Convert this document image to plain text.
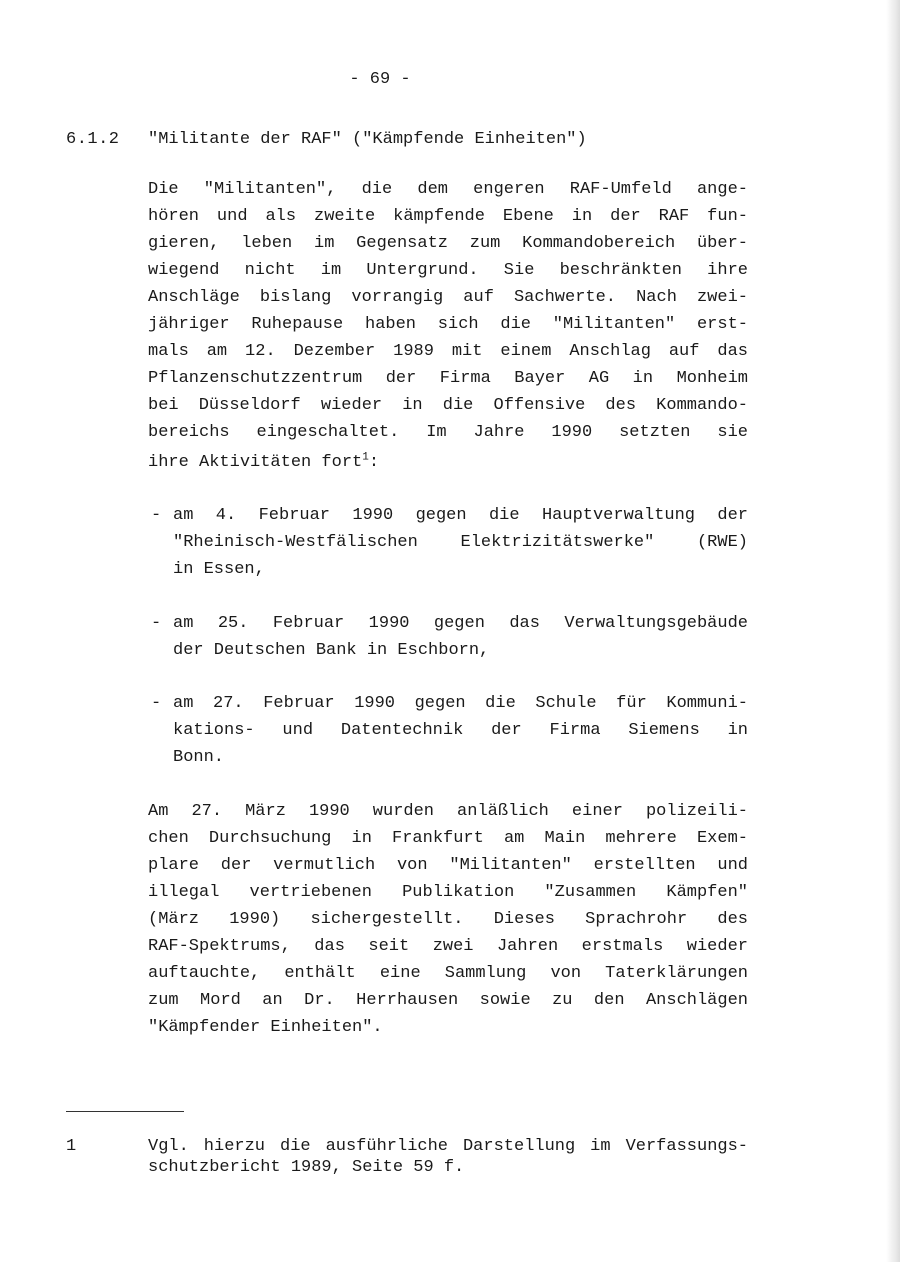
- 69 -
6.1.2 "Militante der RAF" ("Kämpfende Einheiten")
Die "Militanten", die dem engeren RAF-Umfeld ange-
hören und als zweite kämpfende Ebene in der RAF fun-
gieren, leben im Gegensatz zum Kommandobereich über-
wiegend nicht im Untergrund. Sie beschränkten ihre
Anschläge bislang vorrangig auf Sachwerte. Nach zwei-
jähriger Ruhepause haben sich die "Militanten" erst-
mals am 12. Dezember 1989 mit einem Anschlag auf das
Pflanzenschutzzentrum der Firma Bayer AG in Monheim
bei Düsseldorf wieder in die Offensive des Kommando-
bereichs eingeschaltet. Im Jahre 1990 setzten sie
ihre Aktivitäten fort$^1$:
- am 4. Februar 1990 gegen die Hauptverwaltung der
"Rheinisch-Westfälischen Elektrizitätswerke" (RWE)
in Essen,
- am 25. Februar 1990 gegen das Verwaltungsgebäude
der Deutschen Bank in Eschborn,
- am 27. Februar 1990 gegen die Schule für Kommuni-
kations- und Datentechnik der Firma Siemens in
Bonn.
Am 27. März 1990 wurden anläßlich einer polizeili-
chen Durchsuchung in Frankfurt am Main mehrere Exem-
plare der vermutlich von "Militanten" erstellten und
illegal vertriebenen Publikation "Zusammen Kämpfen"
(März 1990) sichergestellt. Dieses Sprachrohr des
RAF-Spektrums, das seit zwei Jahren erstmals wieder
auftauchte, enthält eine Sammlung von Taterklärungen
zum Mord an Dr. Herrhausen sowie zu den Anschlägen
"Kämpfender Einheiten".
1	Vgl. hierzu die ausführliche Darstellung im Verfassungs-
schutzbericht 1989, Seite 59 f.
